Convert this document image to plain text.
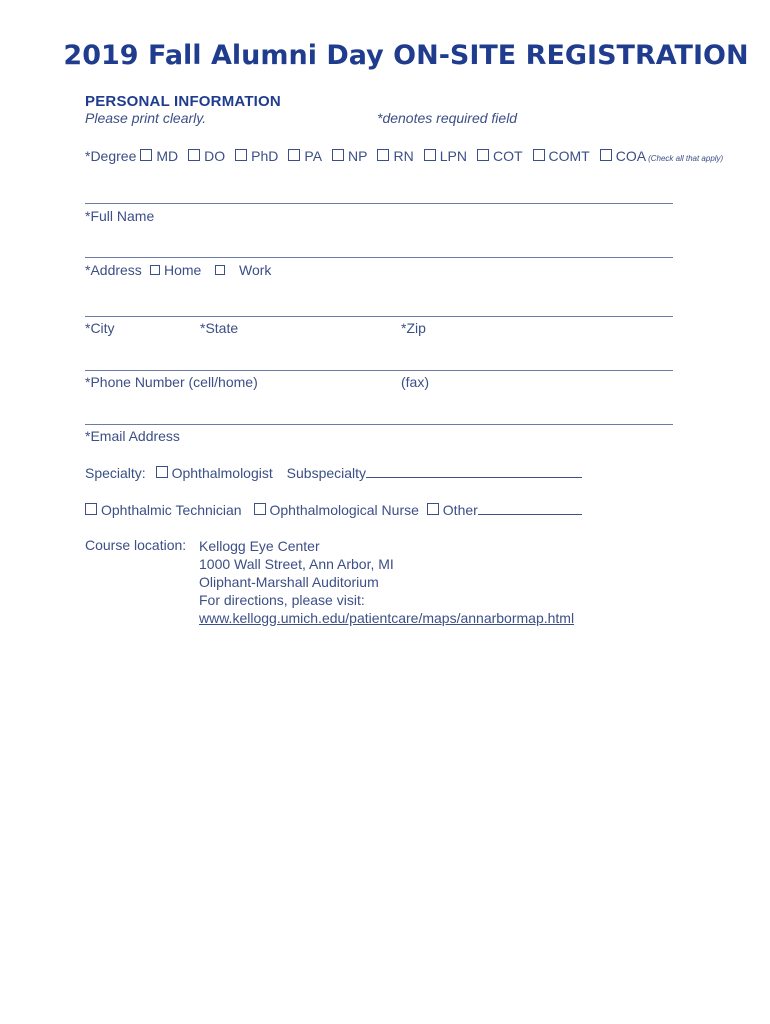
2019 Fall Alumni Day ON-SITE REGISTRATION
PERSONAL INFORMATION
Please print clearly.	*denotes required field
*Degree MD DO PhD PA NP RN LPN COT COMT COA (Check all that apply)
*Full Name
*Address	Home	Work
*City	*State	*Zip
*Phone Number (cell/home)	(fax)
*Email Address
Specialty: Ophthalmologist Subspecialty
Ophthalmic Technician Ophthalmological Nurse Other
Course location: Kellogg Eye Center
1000 Wall Street, Ann Arbor, MI
Oliphant-Marshall Auditorium
For directions, please visit:
www.kellogg.umich.edu/patientcare/maps/annarbormap.html
